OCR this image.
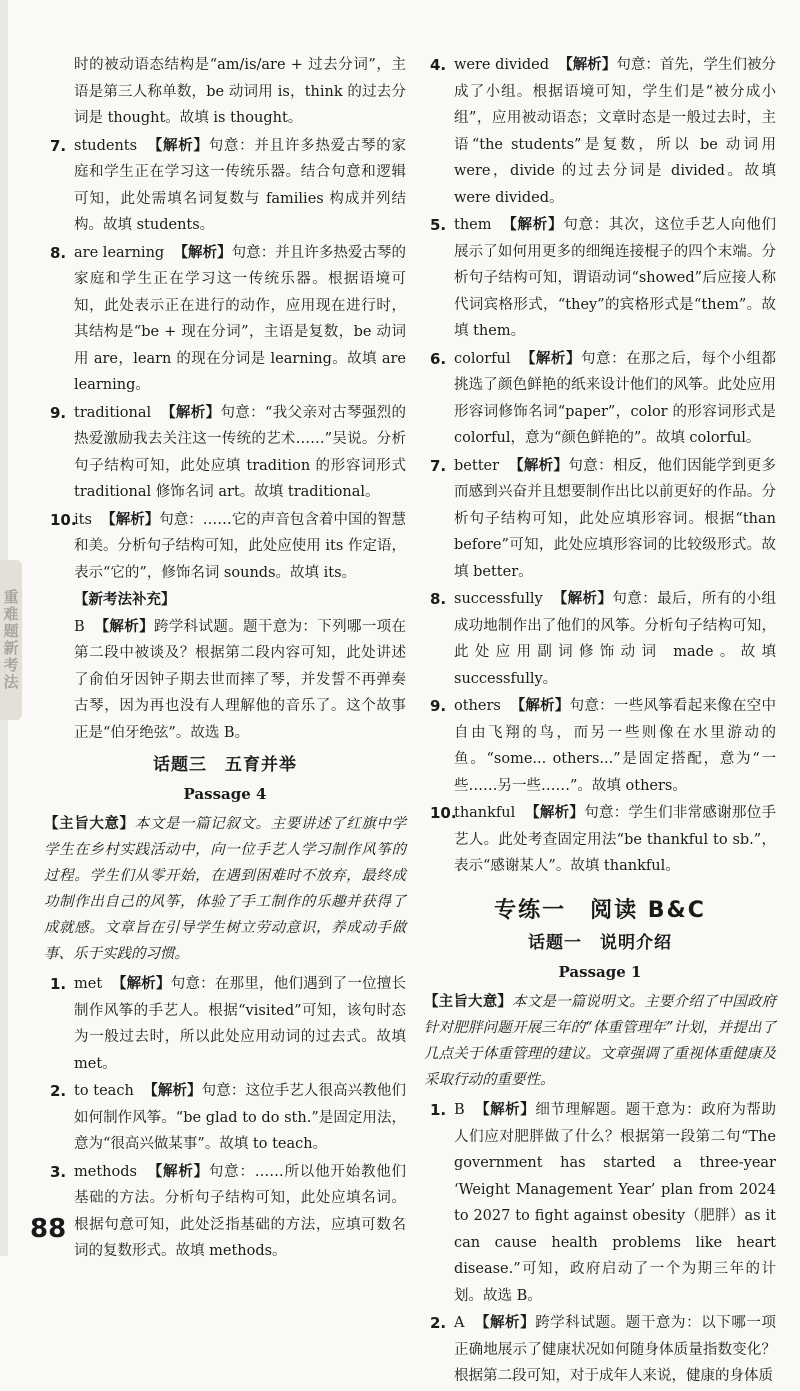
重难题新考法
时的被动语态结构是“am/is/are + 过去分词”，主语是第三人称单数，be 动词用 is，think 的过去分词是 thought。故填 is thought。
7. students 【解析】句意：并且许多热爱古琴的家庭和学生正在学习这一传统乐器。结合句意和逻辑可知，此处需填名词复数与 families 构成并列结构。故填 students。
8. are learning 【解析】句意：并且许多热爱古琴的家庭和学生正在学习这一传统乐器。根据语境可知，此处表示正在进行的动作，应用现在进行时，其结构是“be + 现在分词”，主语是复数，be 动词用 are，learn 的现在分词是 learning。故填 are learning。
9. traditional 【解析】句意：“我父亲对古琴强烈的热爱激励我去关注这一传统的艺术……”吴说。分析句子结构可知，此处应填 tradition 的形容词形式 traditional 修饰名词 art。故填 traditional。
10.
its 【解析】句意：……它的声音包含着中国的智慧和美。分析句子结构可知，此处应使用 its 作定语，表示“它的”，修饰名词 sounds。故填 its。
【新考法补充】
B 【解析】跨学科试题。题干意为：下列哪一项在第二段中被谈及？根据第二段内容可知，此处讲述了俞伯牙因钟子期去世而摔了琴，并发誓不再弹奏古琴，因为再也没有人理解他的音乐了。这个故事正是“伯牙绝弦”。故选 B。
话题三　五育并举
Passage 4
【主旨大意】本文是一篇记叙文。主要讲述了红旗中学学生在乡村实践活动中，向一位手艺人学习制作风筝的过程。学生们从零开始，在遇到困难时不放弃，最终成功制作出自己的风筝，体验了手工制作的乐趣并获得了成就感。文章旨在引导学生树立劳动意识，养成动手做事、乐于实践的习惯。
1. met 【解析】句意：在那里，他们遇到了一位擅长制作风筝的手艺人。根据“visited”可知，该句时态为一般过去时，所以此处应用动词的过去式。故填 met。
2. to teach 【解析】句意：这位手艺人很高兴教他们如何制作风筝。“be glad to do sth.”是固定用法，意为“很高兴做某事”。故填 to teach。
3. methods 【解析】句意：……所以他开始教他们基础的方法。分析句子结构可知，此处应填名词。根据句意可知，此处泛指基础的方法，应填可数名词的复数形式。故填 methods。
4. were divided 【解析】句意：首先，学生们被分成了小组。根据语境可知，学生们是“被分成小组”，应用被动语态；文章时态是一般过去时，主语“the students”是复数，所以 be 动词用 were，divide 的过去分词是 divided。故填 were divided。
5. them 【解析】句意：其次，这位手艺人向他们展示了如何用更多的细绳连接棍子的四个末端。分析句子结构可知，谓语动词“showed”后应接人称代词宾格形式，“they”的宾格形式是“them”。故填 them。
6. colorful 【解析】句意：在那之后，每个小组都挑选了颜色鲜艳的纸来设计他们的风筝。此处应用形容词修饰名词“paper”，color 的形容词形式是 colorful，意为“颜色鲜艳的”。故填 colorful。
7. better 【解析】句意：相反，他们因能学到更多而感到兴奋并且想要制作出比以前更好的作品。分析句子结构可知，此处应填形容词。根据“than before”可知，此处应填形容词的比较级形式。故填 better。
8. successfully 【解析】句意：最后，所有的小组成功地制作出了他们的风筝。分析句子结构可知，此处应用副词修饰动词 made。故填 successfully。
9. others 【解析】句意：一些风筝看起来像在空中自由飞翔的鸟，而另一些则像在水里游动的鱼。“some... others...”是固定搭配，意为“一些……另一些……”。故填 others。
10.
thankful 【解析】句意：学生们非常感谢那位手艺人。此处考查固定用法“be thankful to sb.”，表示“感谢某人”。故填 thankful。
专练一　阅读 B&C
话题一　说明介绍
Passage 1
【主旨大意】本文是一篇说明文。主要介绍了中国政府针对肥胖问题开展三年的“体重管理年”计划，并提出了几点关于体重管理的建议。文章强调了重视体重健康及采取行动的重要性。
1. B 【解析】细节理解题。题干意为：政府为帮助人们应对肥胖做了什么？根据第一段第二句“The government has started a three-year ‘Weight Management Year’ plan from 2024 to 2027 to fight against obesity（肥胖）as it can cause health problems like heart disease.”可知，政府启动了一个为期三年的计划。故选 B。
2. A 【解析】跨学科试题。题干意为：以下哪一项正确地展示了健康状况如何随身体质量指数变化？根据第二段可知，对于成年人来说，健康的身体质
88
